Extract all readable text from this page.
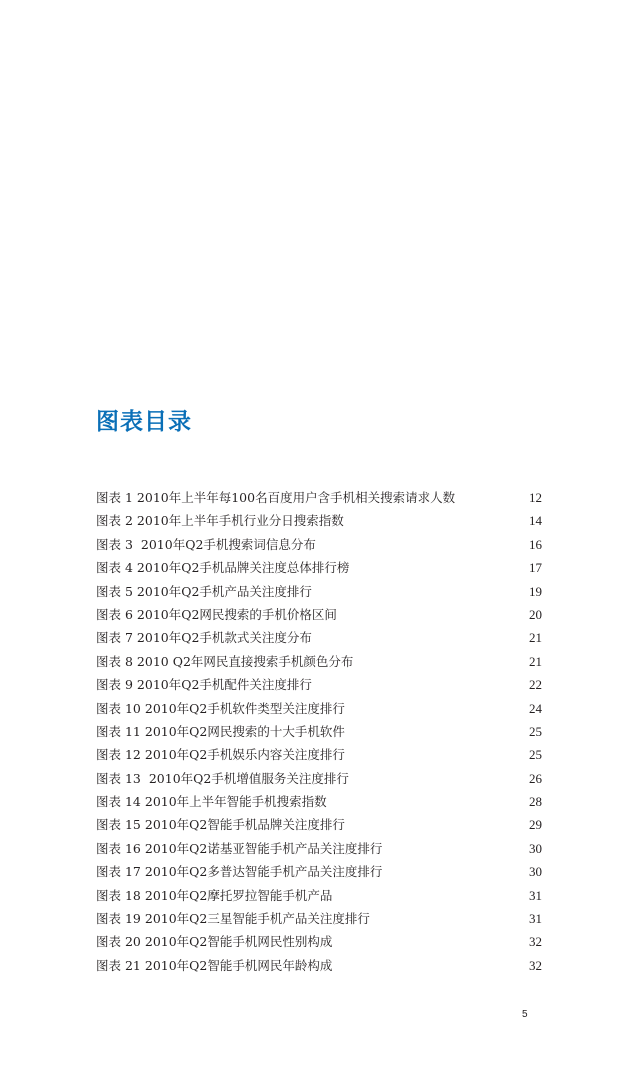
图表目录
图表 1 2010年上半年每100名百度用户含手机相关搜索请求人数	12
图表 2 2010年上半年手机行业分日搜索指数	14
图表 3 2010年Q2手机搜索词信息分布	16
图表 4 2010年Q2手机品牌关注度总体排行榜	17
图表 5 2010年Q2手机产品关注度排行	19
图表 6 2010年Q2网民搜索的手机价格区间	20
图表 7 2010年Q2手机款式关注度分布	21
图表 8 2010 Q2年网民直接搜索手机颜色分布	21
图表 9 2010年Q2手机配件关注度排行	22
图表 10 2010年Q2手机软件类型关注度排行	24
图表 11 2010年Q2网民搜索的十大手机软件	25
图表 12 2010年Q2手机娱乐内容关注度排行	25
图表 13 2010年Q2手机增值服务关注度排行	26
图表 14 2010年上半年智能手机搜索指数	28
图表 15 2010年Q2智能手机品牌关注度排行	29
图表 16 2010年Q2诺基亚智能手机产品关注度排行	30
图表 17 2010年Q2多普达智能手机产品关注度排行	30
图表 18 2010年Q2摩托罗拉智能手机产品	31
图表 19 2010年Q2三星智能手机产品关注度排行	31
图表 20 2010年Q2智能手机网民性别构成	32
图表 21 2010年Q2智能手机网民年龄构成	32
5
